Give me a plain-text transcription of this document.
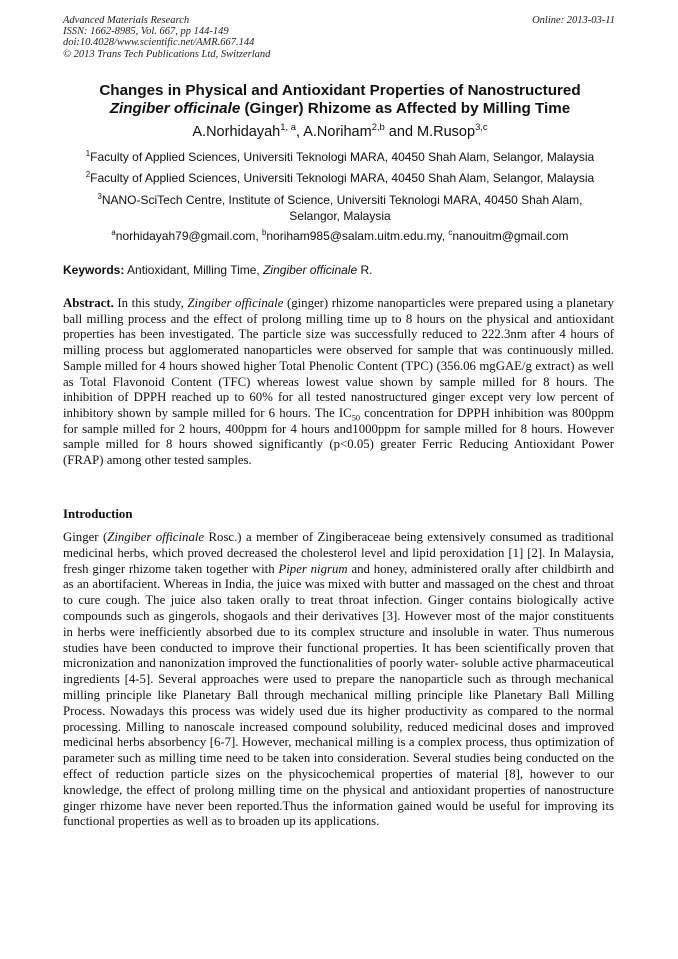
Advanced Materials Research
ISSN: 1662-8985, Vol. 667, pp 144-149
doi:10.4028/www.scientific.net/AMR.667.144
© 2013 Trans Tech Publications Ltd, Switzerland
Online: 2013-03-11
Changes in Physical and Antioxidant Properties of Nanostructured
Zingiber officinale (Ginger) Rhizome as Affected by Milling Time
A.Norhidayah$^{1, a}$, A.Noriham$^{2,b}$ and M.Rusop$^{3,c}$
$^1$Faculty of Applied Sciences, Universiti Teknologi MARA, 40450 Shah Alam, Selangor, Malaysia
$^2$Faculty of Applied Sciences, Universiti Teknologi MARA, 40450 Shah Alam, Selangor, Malaysia
$^3$NANO-SciTech Centre, Institute of Science, Universiti Teknologi MARA, 40450 Shah Alam,
Selangor, Malaysia
$^a$norhidayah79@gmail.com, $^b$noriham985@salam.uitm.edu.my, $^c$nanouitm@gmail.com
Keywords: Antioxidant, Milling Time, Zingiber officinale R.
Abstract. In this study, Zingiber officinale (ginger) rhizome nanoparticles were prepared using a planetary ball milling process and the effect of prolong milling time up to 8 hours on the physical and antioxidant properties has been investigated. The particle size was successfully reduced to 222.3nm after 4 hours of milling process but agglomerated nanoparticles were observed for sample that was continuously milled. Sample milled for 4 hours showed higher Total Phenolic Content (TPC) (356.06 mgGAE/g extract) as well as Total Flavonoid Content (TFC) whereas lowest value shown by sample milled for 8 hours. The inhibition of DPPH reached up to 60% for all tested nanostructured ginger except very low percent of inhibitory shown by sample milled for 6 hours. The $IC_{50}$ concentration for DPPH inhibition was 800ppm for sample milled for 2 hours, 400ppm for 4 hours and1000ppm for sample milled for 8 hours. However sample milled for 8 hours showed significantly (p<0.05) greater Ferric Reducing Antioxidant Power (FRAP) among other tested samples.
Introduction
Ginger (Zingiber officinale Rosc.) a member of Zingiberaceae being extensively consumed as traditional medicinal herbs, which proved decreased the cholesterol level and lipid peroxidation [1] [2]. In Malaysia, fresh ginger rhizome taken together with Piper nigrum and honey, administered orally after childbirth and as an abortifacient. Whereas in India, the juice was mixed with butter and massaged on the chest and throat to cure cough. The juice also taken orally to treat throat infection. Ginger contains biologically active compounds such as gingerols, shogaols and their derivatives [3]. However most of the major constituents in herbs were inefficiently absorbed due to its complex structure and insoluble in water. Thus numerous studies have been conducted to improve their functional properties. It has been scientifically proven that micronization and nanonization improved the functionalities of poorly water- soluble active pharmaceutical ingredients [4-5]. Several approaches were used to prepare the nanoparticle such as through mechanical milling principle like Planetary Ball through mechanical milling principle like Planetary Ball Milling Process. Nowadays this process was widely used due its higher productivity as compared to the normal processing. Milling to nanoscale increased compound solubility, reduced medicinal doses and improved medicinal herbs absorbency [6-7]. However, mechanical milling is a complex process, thus optimization of parameter such as milling time need to be taken into consideration. Several studies being conducted on the effect of reduction particle sizes on the physicochemical properties of material [8], however to our knowledge, the effect of prolong milling time on the physical and antioxidant properties of nanostructure ginger rhizome have never been reported.Thus the information gained would be useful for improving its functional properties as well as to broaden up its applications.
